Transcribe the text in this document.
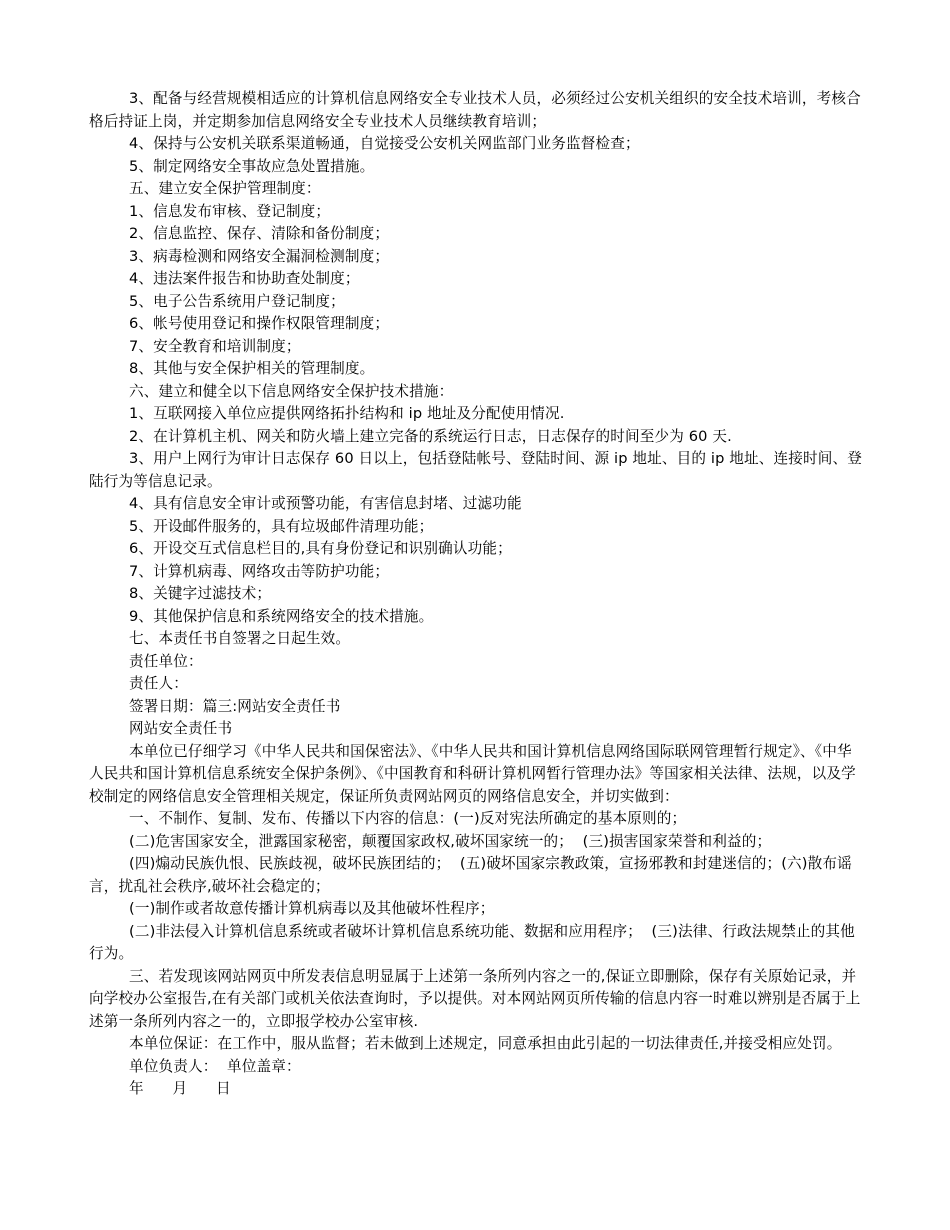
3、配备与经营规模相适应的计算机信息网络安全专业技术人员，必须经过公安机关组织的安全技术培训，考核合格后持证上岗，并定期参加信息网络安全专业技术人员继续教育培训；

4、保持与公安机关联系渠道畅通，自觉接受公安机关网监部门业务监督检查；

5、制定网络安全事故应急处置措施。

五、建立安全保护管理制度：

1、信息发布审核、登记制度；

2、信息监控、保存、清除和备份制度；

3、病毒检测和网络安全漏洞检测制度；

4、违法案件报告和协助查处制度；

5、电子公告系统用户登记制度；

6、帐号使用登记和操作权限管理制度；

7、安全教育和培训制度；

8、其他与安全保护相关的管理制度。

六、建立和健全以下信息网络安全保护技术措施：

1、互联网接入单位应提供网络拓扑结构和 ip 地址及分配使用情况.

2、在计算机主机、网关和防火墙上建立完备的系统运行日志，日志保存的时间至少为 60 天.

3、用户上网行为审计日志保存 60 日以上，包括登陆帐号、登陆时间、源 ip 地址、目的 ip 地址、连接时间、登陆行为等信息记录。

4、具有信息安全审计或预警功能，有害信息封堵、过滤功能

5、开设邮件服务的，具有垃圾邮件清理功能；

6、开设交互式信息栏目的,具有身份登记和识别确认功能；

7、计算机病毒、网络攻击等防护功能；

8、关键字过滤技术；

9、其他保护信息和系统网络安全的技术措施。

七、本责任书自签署之日起生效。

责任单位：

责任人：

签署日期：篇三:网站安全责任书

网站安全责任书

本单位已仔细学习《中华人民共和国保密法》、《中华人民共和国计算机信息网络国际联网管理暂行规定》、《中华人民共和国计算机信息系统安全保护条例》、《中国教育和科研计算机网暂行管理办法》等国家相关法律、法规，以及学校制定的网络信息安全管理相关规定，保证所负责网站网页的网络信息安全，并切实做到：

一、不制作、复制、发布、传播以下内容的信息：(一)反对宪法所确定的基本原则的；

(二)危害国家安全，泄露国家秘密，颠覆国家政权,破坏国家统一的；  (三)损害国家荣誉和利益的；

(四)煽动民族仇恨、民族歧视，破坏民族团结的；  (五)破坏国家宗教政策，宣扬邪教和封建迷信的；(六)散布谣言，扰乱社会秩序,破坏社会稳定的；

(一)制作或者故意传播计算机病毒以及其他破坏性程序；

(二)非法侵入计算机信息系统或者破坏计算机信息系统功能、数据和应用程序；  (三)法律、行政法规禁止的其他行为。

三、若发现该网站网页中所发表信息明显属于上述第一条所列内容之一的,保证立即删除，保存有关原始记录，并向学校办公室报告,在有关部门或机关依法查询时，予以提供。对本网站网页所传输的信息内容一时难以辨别是否属于上述第一条所列内容之一的，立即报学校办公室审核.

本单位保证：在工作中，服从监督；若未做到上述规定，同意承担由此引起的一切法律责任,并接受相应处罚。

单位负责人：  单位盖章：

年      月      日
